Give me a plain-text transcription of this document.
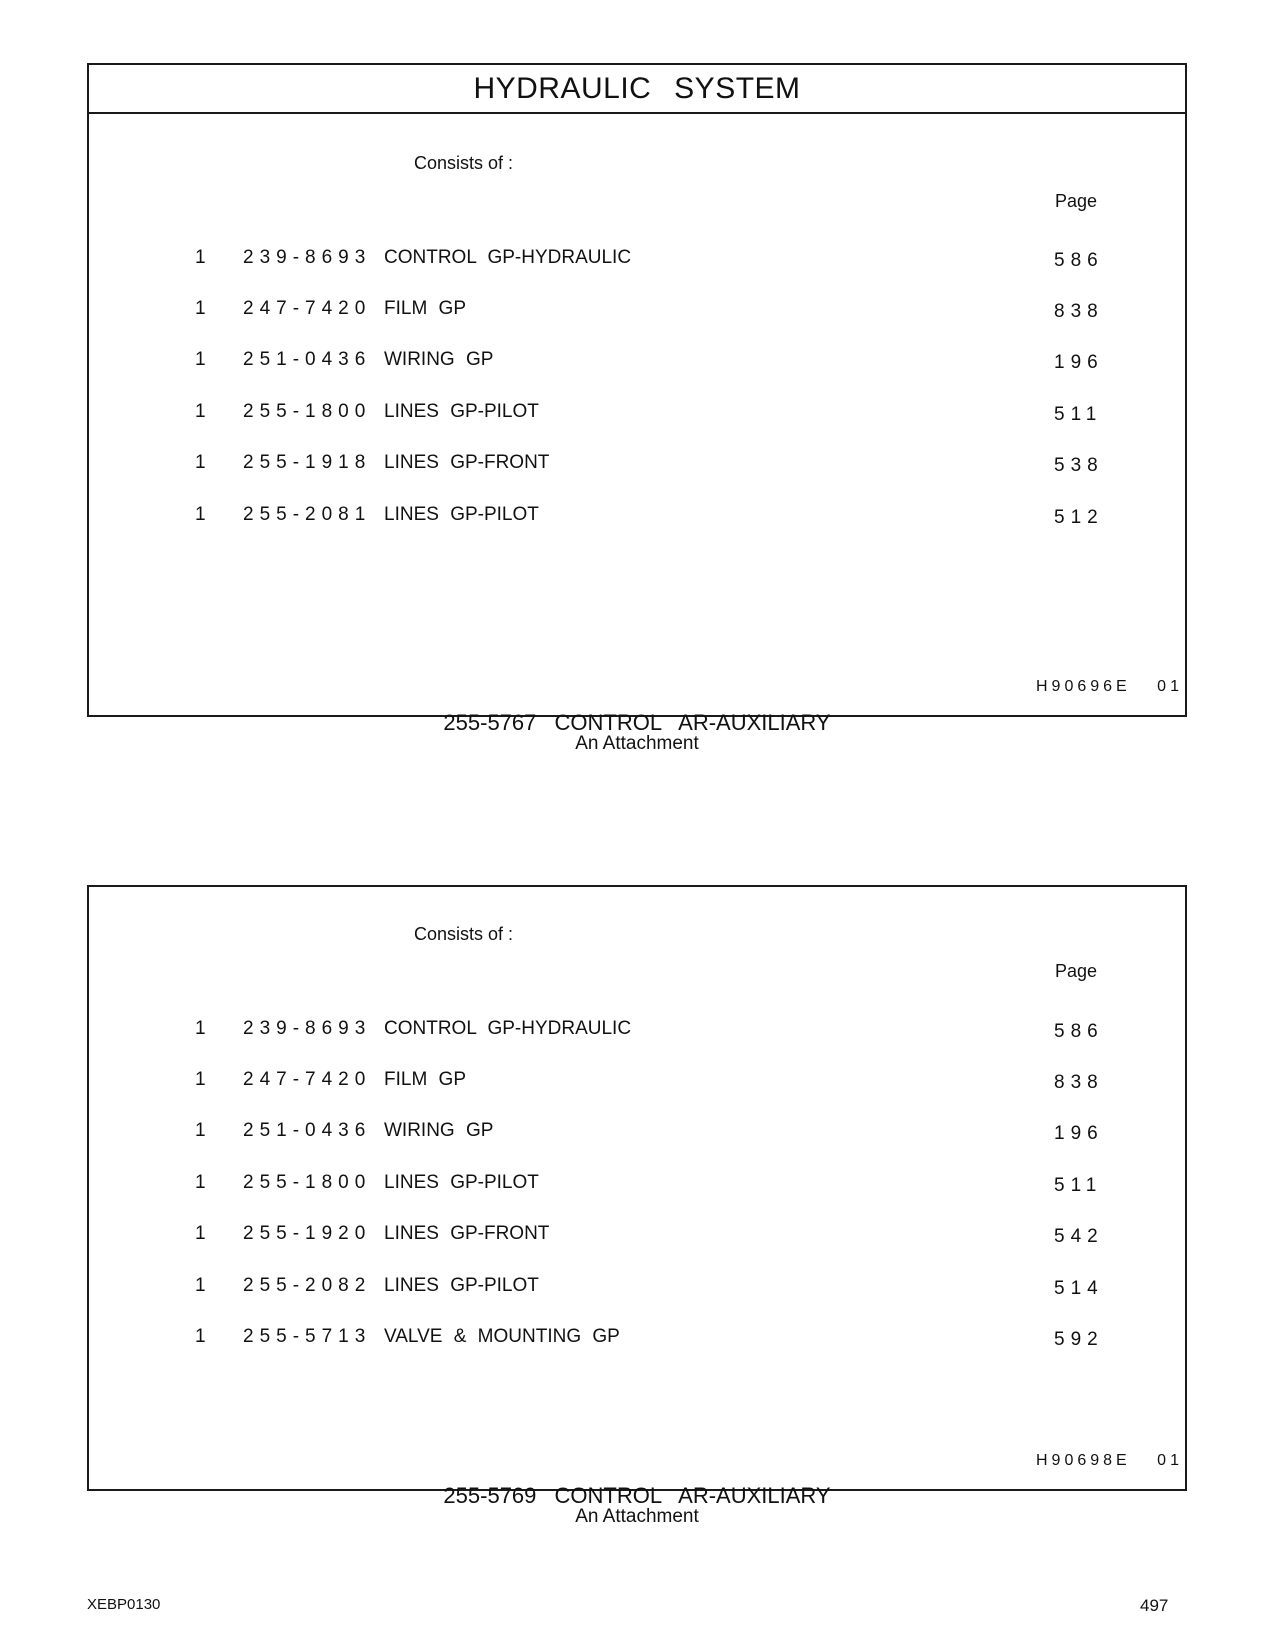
HYDRAULIC SYSTEM
Consists of :
Page
1 239-8693 CONTROL GP-HYDRAULIC	586
1 247-7420 FILM GP	838
1 251-0436 WIRING GP	196
1 255-1800 LINES GP-PILOT	511
1 255-1918 LINES GP-FRONT	538
1 255-2081 LINES GP-PILOT	512
H90696E 01
255-5767 CONTROL AR-AUXILIARY
An Attachment
Consists of :
Page
1 239-8693 CONTROL GP-HYDRAULIC	586
1 247-7420 FILM GP	838
1 251-0436 WIRING GP	196
1 255-1800 LINES GP-PILOT	511
1 255-1920 LINES GP-FRONT	542
1 255-2082 LINES GP-PILOT	514
1 255-5713 VALVE & MOUNTING GP	592
H90698E 01
255-5769 CONTROL AR-AUXILIARY
An Attachment
XEBP0130	497
